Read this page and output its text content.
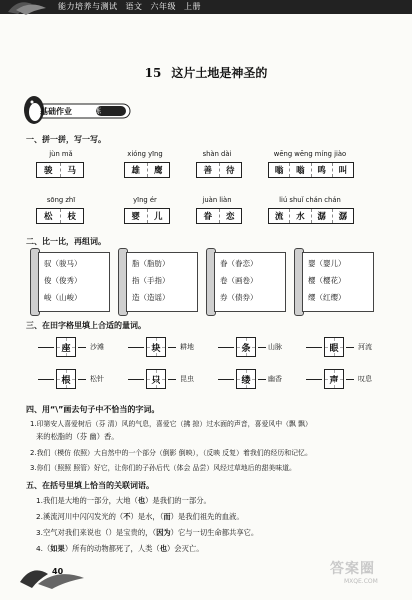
能力培养与测试 语文 六年级 上册
15 这片土地是神圣的
基础作业 自主练
一、拼一拼，写一写。
jùn mǎ
骏	马
xióng yīng
雄	鹰
shàn dài
善	待
wēng wēng míng jiào
嗡	嗡	鸣	叫
sōng zhī
松	枝
yīng ér
婴	儿
juàn liàn
眷	恋
liú shuǐ chán chán
流	水	潺	潺
二、比一比，再组词。
驭（骏马）
俊（俊秀）
峻（山峻）
脂（脂肪）
指（手指）
造（造谣）
眷（眷恋）
卷（画卷）
券（债券）
婴（婴儿）
樱（樱花）
缨（红缨）
三、在田字格里填上合适的量词。
座	沙滩	块	耕地	条	山脉	眼	河流
根	松针	只	昆虫	缕	幽香	声	叹息
四、用“\”画去句子中不恰当的字词。
1.印第安人喜爱树后（芬 清）风的气息，喜爱它（拂 掠）过水面的声音，喜爱风中（飘 飘）
来的松脂的（芬 幽）香。
2.我们（模仿 依照）大自然中的一个部分（倒影 倒映），（反映 反复）着我们的经历和记忆。
3.你们（照照 照管）好它，让你们的子孙后代（体会 品尝）风经过草地后的甜美味道。
五、在括号里填上恰当的关联词语。
1.我们是大地的一部分，大地（也）是我们的一部分。
2.溪流河川中闪闪发光的（不）是水，（而）是我们祖先的血液。
3.空气对我们来说也（）是宝贵的，（因为）它与一切生命都共享它。
4.（如果）所有的动物都死了，人类（也）会灭亡。
40	答案圈
MXQE.COM
